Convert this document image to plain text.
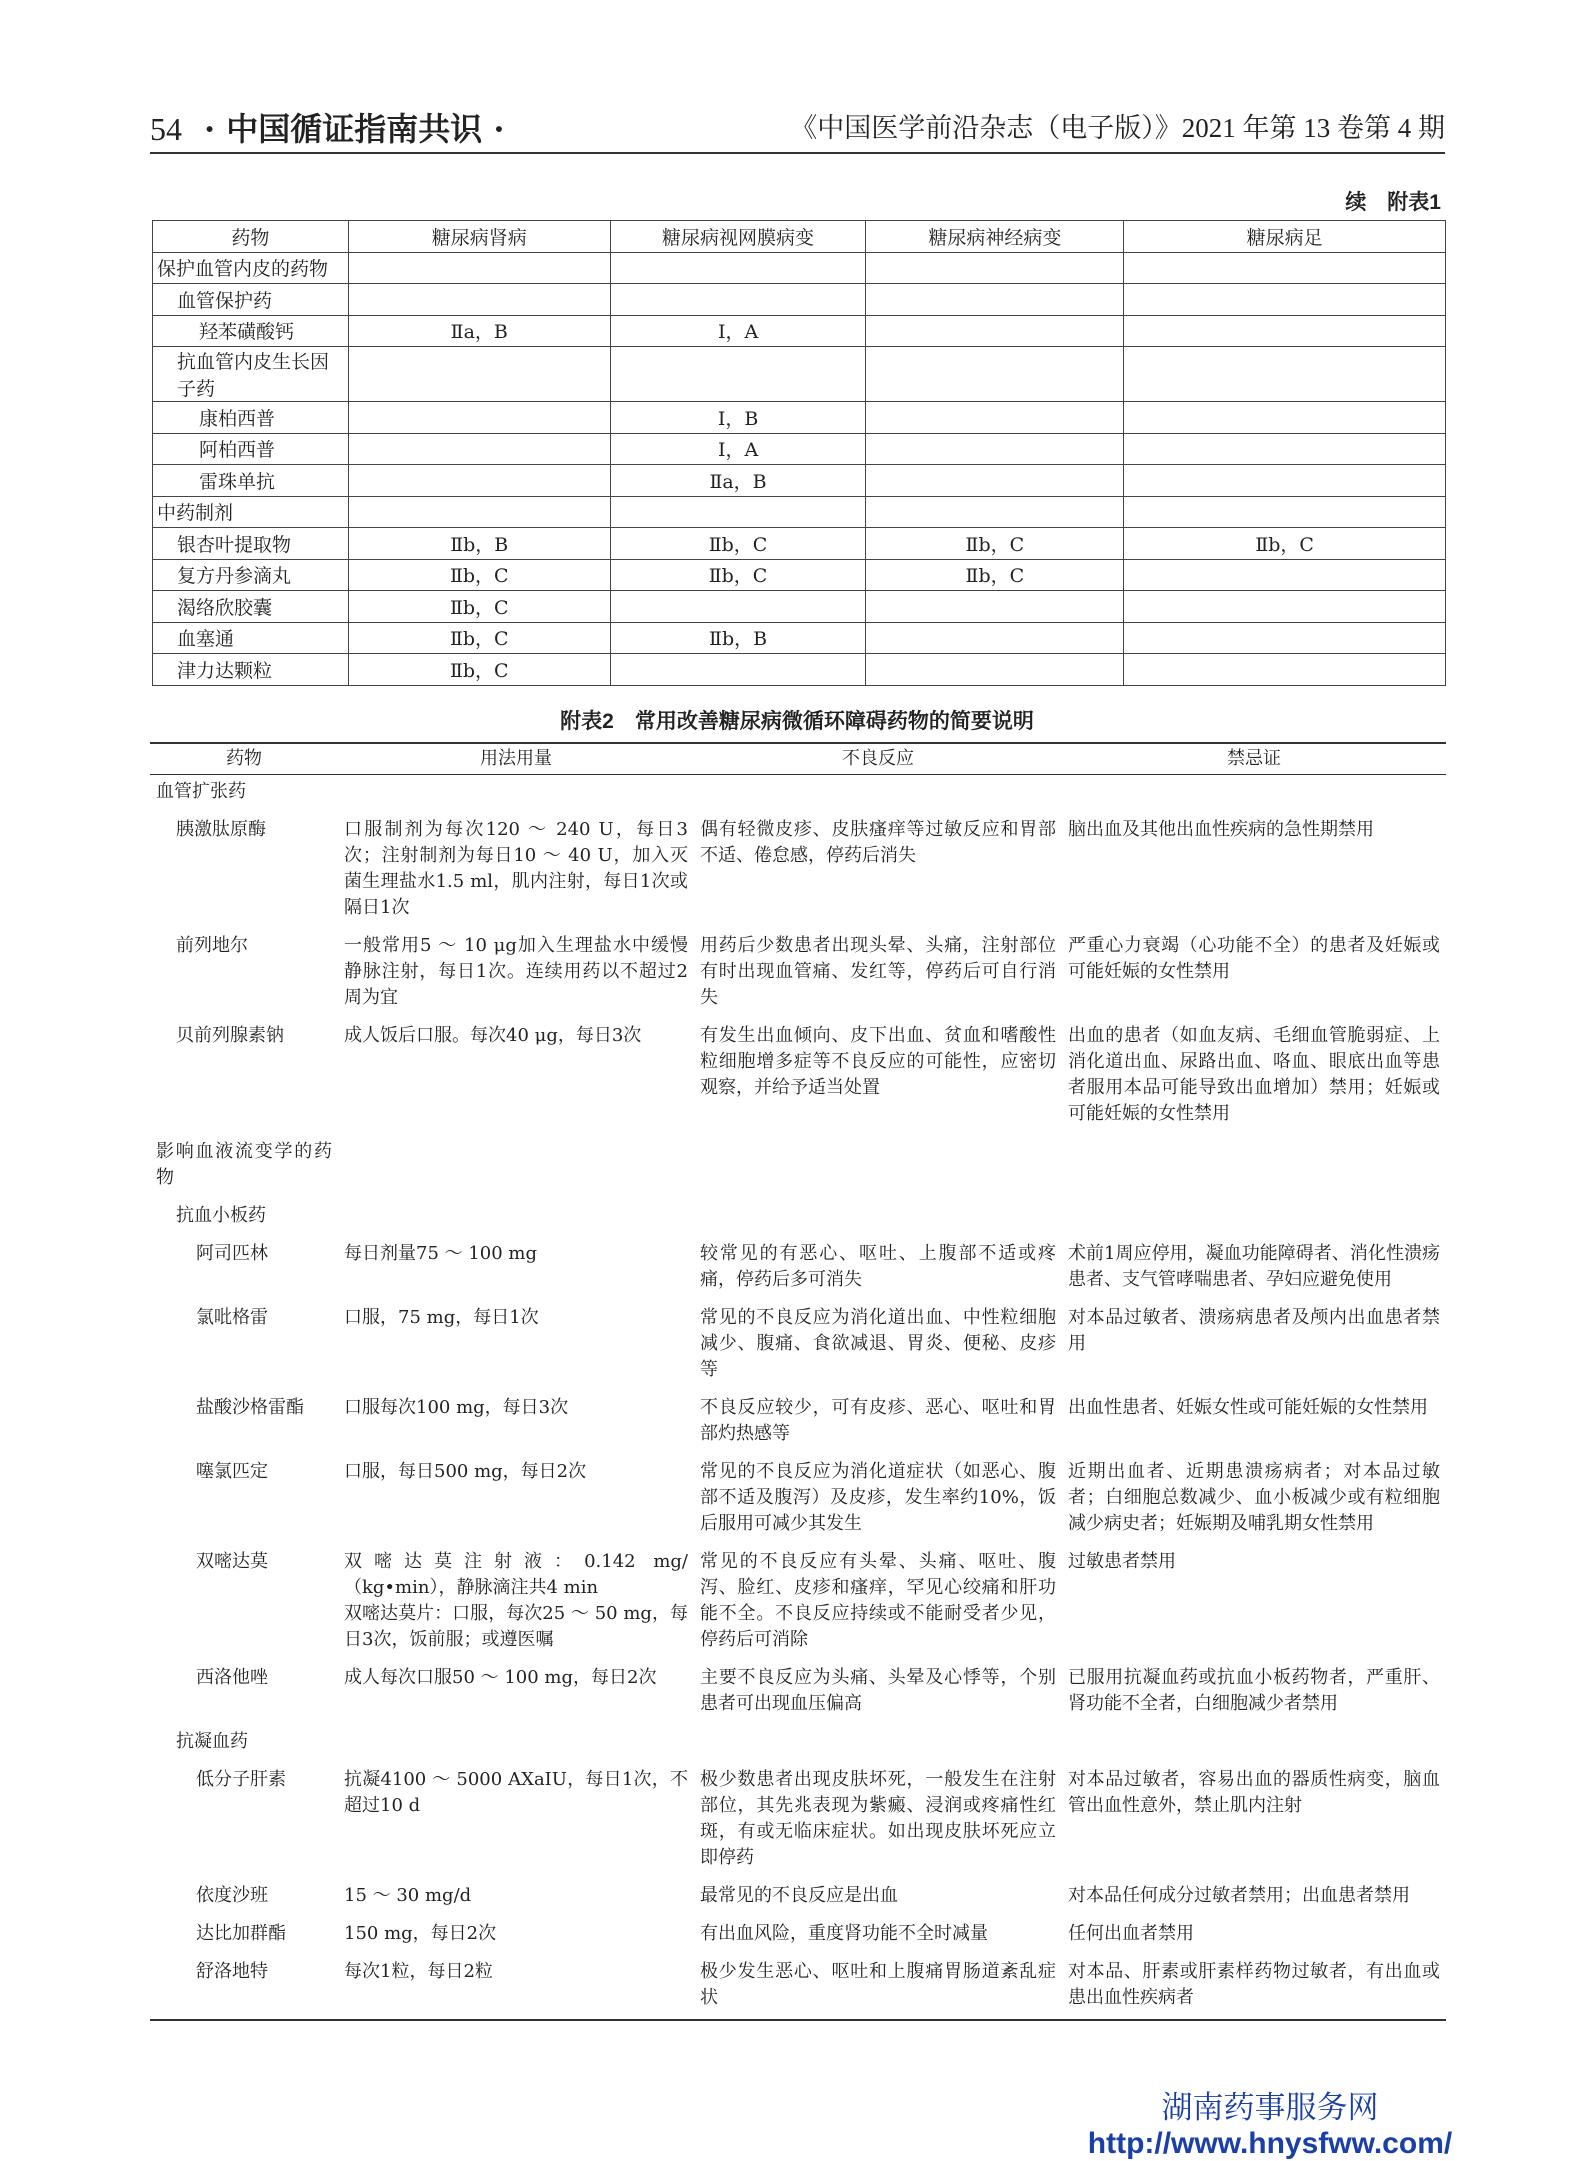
54 · 中国循证指南共识 ·	《中国医学前沿杂志（电子版）》2021 年第 13 卷第 4 期
续　附表1
药物	糖尿病肾病	糖尿病视网膜病变	糖尿病神经病变	糖尿病足
保护血管内皮的药物				
血管保护药				
羟苯磺酸钙	Ⅱa，B	Ⅰ，A		
抗血管内皮生长因子药				
康柏西普		Ⅰ，B		
阿柏西普		Ⅰ，A		
雷珠单抗		Ⅱa，B		
中药制剂				
银杏叶提取物	Ⅱb，B	Ⅱb，C	Ⅱb，C	Ⅱb，C
复方丹参滴丸	Ⅱb，C	Ⅱb，C	Ⅱb，C	
渴络欣胶囊	Ⅱb，C			
血塞通	Ⅱb，C	Ⅱb，B		
津力达颗粒	Ⅱb，C			
附表2　常用改善糖尿病微循环障碍药物的简要说明
药物	用法用量	不良反应	禁忌证

血管扩张药			

胰激肽原酶	口服制剂为每次120 ～ 240 U，每日3次；注射制剂为每日10 ～ 40 U，加入灭菌生理盐水1.5 ml，肌内注射，每日1次或隔日1次	偶有轻微皮疹、皮肤瘙痒等过敏反应和胃部不适、倦怠感，停药后消失	脑出血及其他出血性疾病的急性期禁用

前列地尔	一般常用5 ～ 10 μg加入生理盐水中缓慢静脉注射，每日1次。连续用药以不超过2周为宜	用药后少数患者出现头晕、头痛，注射部位有时出现血管痛、发红等，停药后可自行消失	严重心力衰竭（心功能不全）的患者及妊娠或可能妊娠的女性禁用

贝前列腺素钠	成人饭后口服。每次40 μg，每日3次	有发生出血倾向、皮下出血、贫血和嗜酸性粒细胞增多症等不良反应的可能性，应密切观察，并给予适当处置	出血的患者（如血友病、毛细血管脆弱症、上消化道出血、尿路出血、咯血、眼底出血等患者服用本品可能导致出血增加）禁用；妊娠或可能妊娠的女性禁用

影响血液流变学的药物			

抗血小板药			

阿司匹林	每日剂量75 ～ 100 mg	较常见的有恶心、呕吐、上腹部不适或疼痛，停药后多可消失	术前1周应停用，凝血功能障碍者、消化性溃疡患者、支气管哮喘患者、孕妇应避免使用

氯吡格雷	口服，75 mg，每日1次	常见的不良反应为消化道出血、中性粒细胞减少、腹痛、食欲减退、胃炎、便秘、皮疹等	对本品过敏者、溃疡病患者及颅内出血患者禁用

盐酸沙格雷酯	口服每次100 mg，每日3次	不良反应较少，可有皮疹、恶心、呕吐和胃部灼热感等	出血性患者、妊娠女性或可能妊娠的女性禁用

噻氯匹定	口服，每日500 mg，每日2次	常见的不良反应为消化道症状（如恶心、腹部不适及腹泻）及皮疹，发生率约10%，饭后服用可减少其发生	近期出血者、近期患溃疡病者；对本品过敏者；白细胞总数减少、血小板减少或有粒细胞减少病史者；妊娠期及哺乳期女性禁用

双嘧达莫	双嘧达莫注射液：0.142 mg/（kg•min），静脉滴注共4 min
双嘧达莫片：口服，每次25 ～ 50 mg，每日3次，饭前服；或遵医嘱	常见的不良反应有头晕、头痛、呕吐、腹泻、脸红、皮疹和瘙痒，罕见心绞痛和肝功能不全。不良反应持续或不能耐受者少见，停药后可消除	过敏患者禁用

西洛他唑	成人每次口服50 ～ 100 mg，每日2次	主要不良反应为头痛、头晕及心悸等，个别患者可出现血压偏高	已服用抗凝血药或抗血小板药物者，严重肝、肾功能不全者，白细胞减少者禁用

抗凝血药			

低分子肝素	抗凝4100 ～ 5000 AXaIU，每日1次，不超过10 d	极少数患者出现皮肤坏死，一般发生在注射部位，其先兆表现为紫癜、浸润或疼痛性红斑，有或无临床症状。如出现皮肤坏死应立即停药	对本品过敏者，容易出血的器质性病变，脑血管出血性意外，禁止肌内注射

依度沙班	15 ～ 30 mg/d	最常见的不良反应是出血	对本品任何成分过敏者禁用；出血患者禁用

达比加群酯	150 mg，每日2次	有出血风险，重度肾功能不全时减量	任何出血者禁用

舒洛地特	每次1粒，每日2粒	极少发生恶心、呕吐和上腹痛胃肠道紊乱症状	对本品、肝素或肝素样药物过敏者，有出血或患出血性疾病者
湖南药事服务网
http://www.hnysfww.com/
